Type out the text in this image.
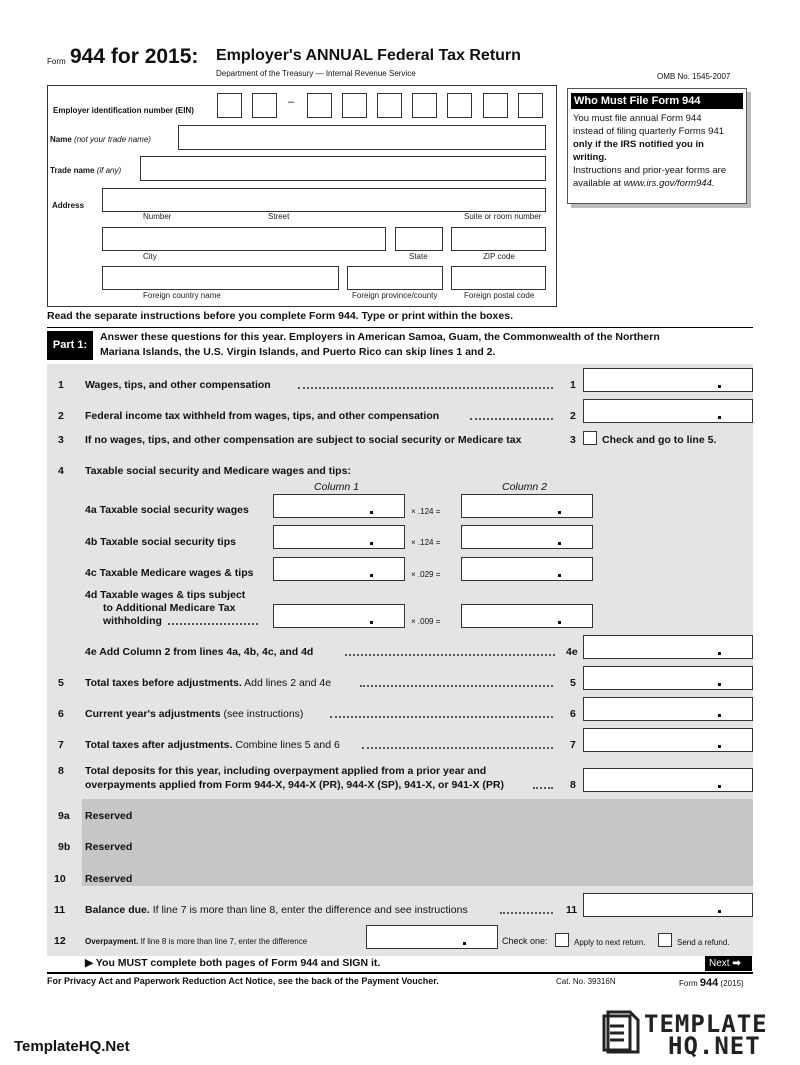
Form 944 for 2015: Employer's ANNUAL Federal Tax Return
Department of the Treasury — Internal Revenue Service	OMB No. 1545-2007
Employer identification number (EIN)
–
Name (not your trade name)
Trade name (if any)
Address
Number	Street	Suite or room number
City	State	ZIP code
Foreign country name	Foreign province/county	Foreign postal code
Who Must File Form 944
You must file annual Form 944
instead of filing quarterly Forms 941
only if the IRS notified you in
writing.
Instructions and prior-year forms are
available at www.irs.gov/form944.
Read the separate instructions before you complete Form 944. Type or print within the boxes.
Part 1:
Answer these questions for this year. Employers in American Samoa, Guam, the Commonwealth of the Northern
Mariana Islands, the U.S. Virgin Islands, and Puerto Rico can skip lines 1 and 2.
1 Wages, tips, and other compensation	1
2 Federal income tax withheld from wages, tips, and other compensation	2
3 If no wages, tips, and other compensation are subject to social security or Medicare tax	3 Check and go to line 5.
4 Taxable social security and Medicare wages and tips:
Column 1	Column 2
4a Taxable social security wages	× .124 =
4b Taxable social security tips	× .124 =
4c Taxable Medicare wages & tips	× .029 =
4d Taxable wages & tips subject
to Additional Medicare Tax
withholding	× .009 =
4e Add Column 2 from lines 4a, 4b, 4c, and 4d	4e
5 Total taxes before adjustments. Add lines 2 and 4e	5
6 Current year's adjustments (see instructions)	6
7 Total taxes after adjustments. Combine lines 5 and 6	7
8 Total deposits for this year, including overpayment applied from a prior year and
overpayments applied from Form 944-X, 944-X (PR), 944-X (SP), 941-X, or 941-X (PR)	8
9a Reserved
9b Reserved
10 Reserved
11 Balance due. If line 7 is more than line 8, enter the difference and see instructions	11
12 Overpayment. If line 8 is more than line 7, enter the difference	Check one:	Apply to next return.	Send a refund.
▶ You MUST complete both pages of Form 944 and SIGN it.	Next ➡
For Privacy Act and Paperwork Reduction Act Notice, see the back of the Payment Voucher.	Cat. No. 39316N	Form 944 (2015)
TemplateHQ.Net
TEMPLATE
HQ.NET
